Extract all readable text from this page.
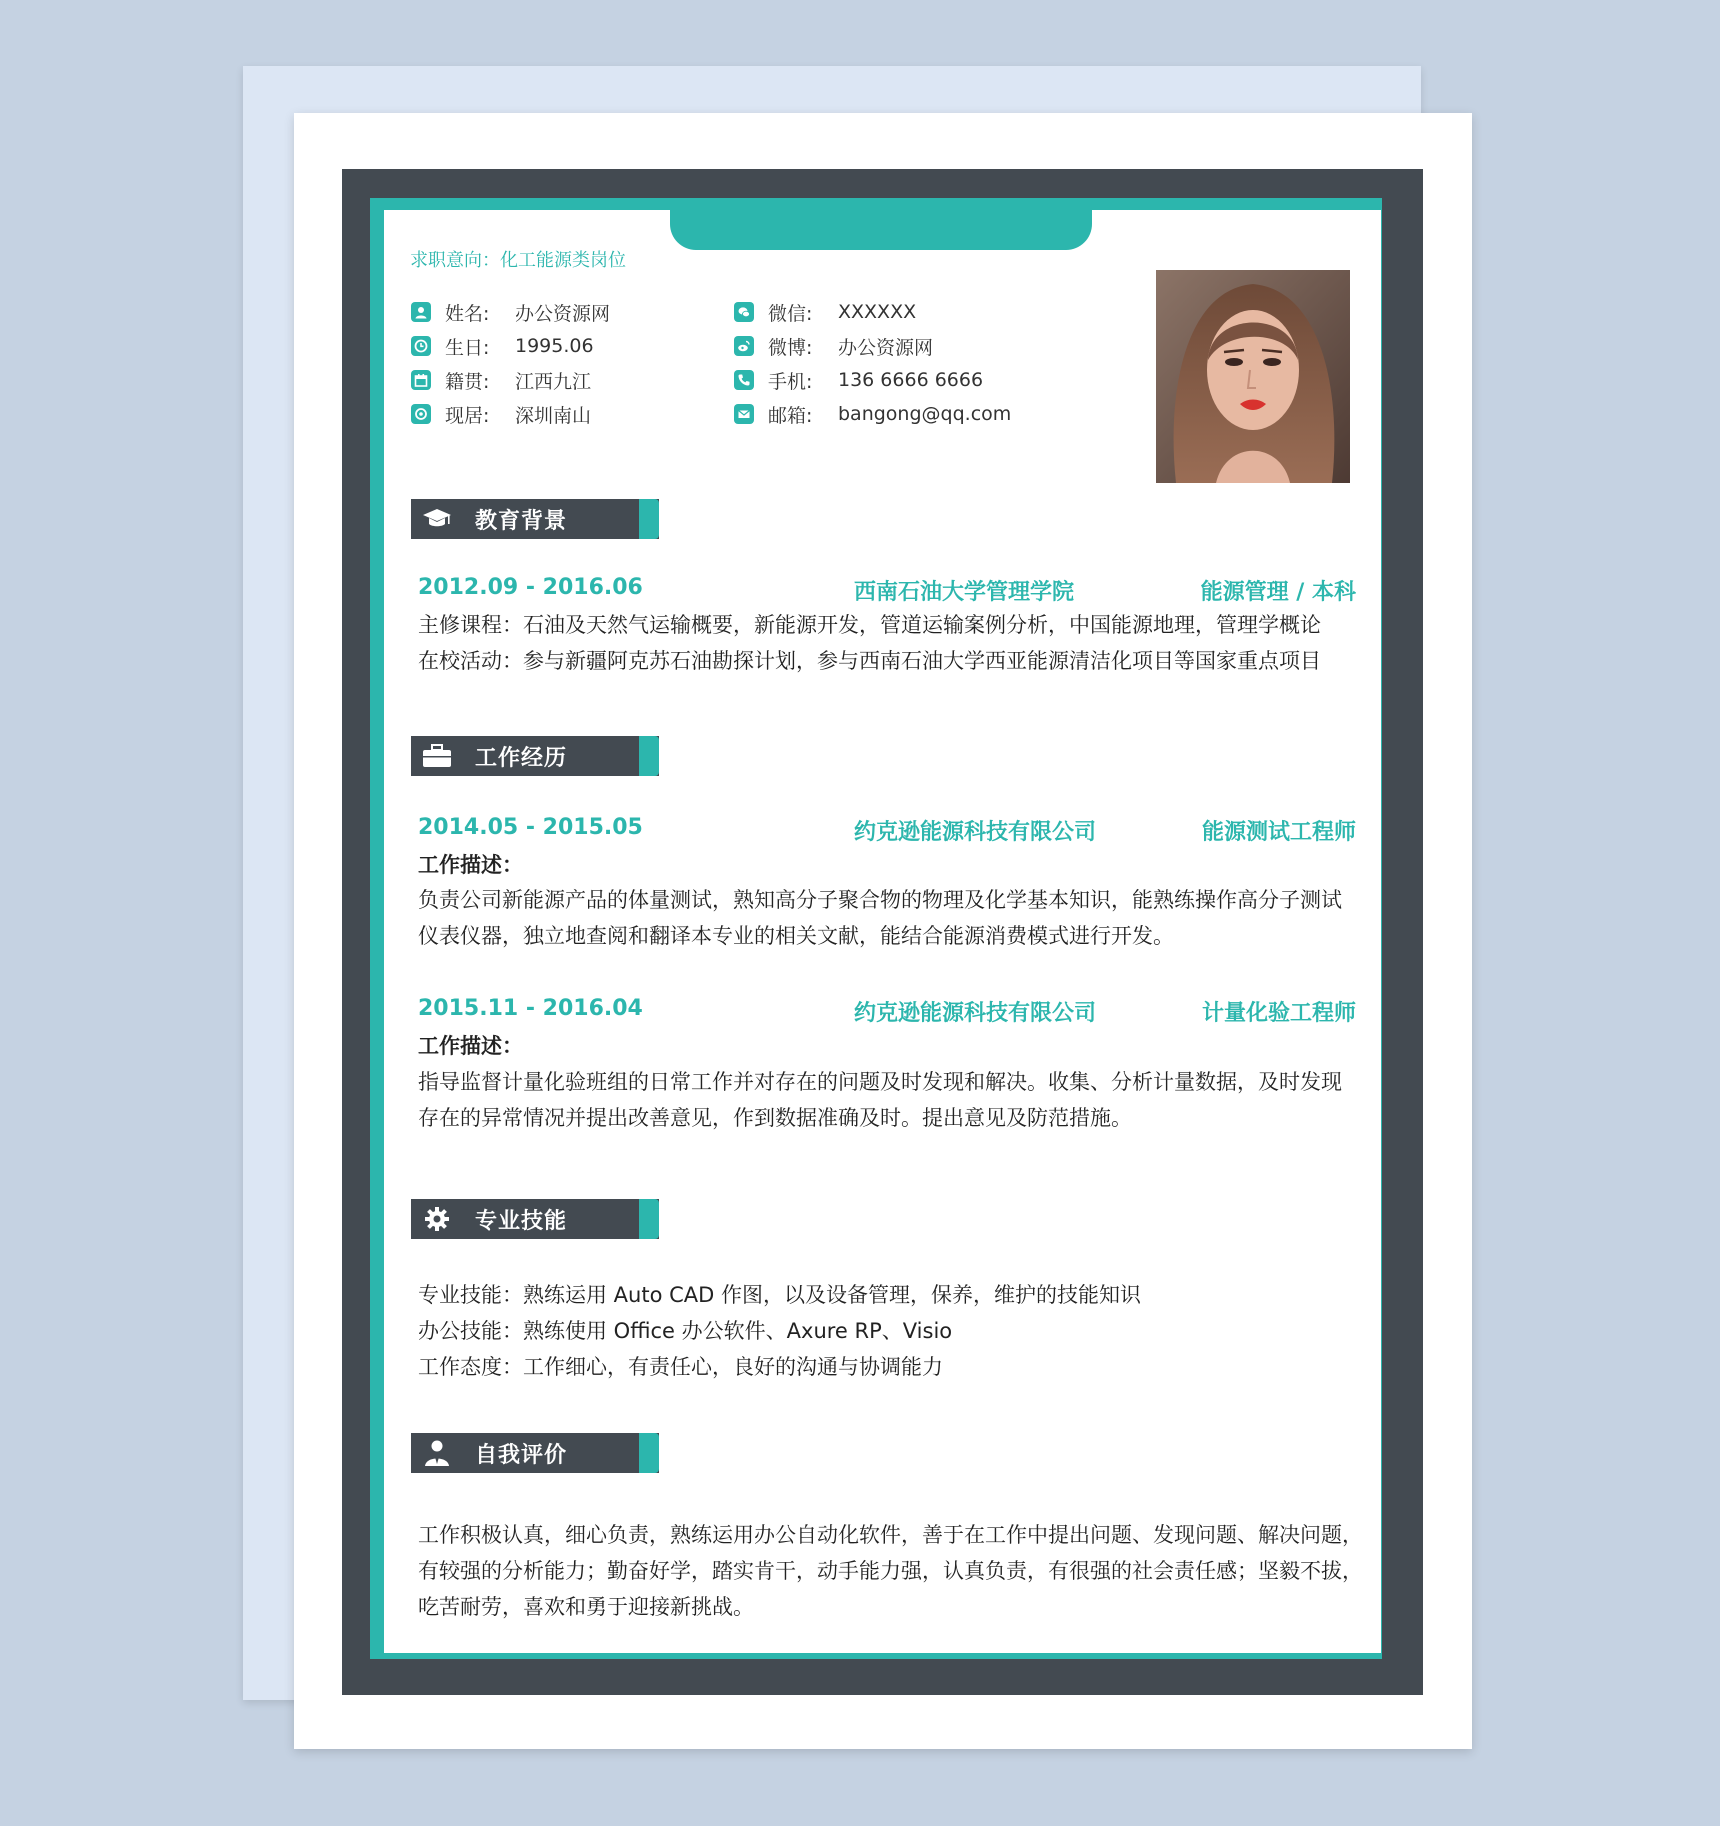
求职意向：化工能源类岗位
姓名:	办公资源网
生日:	1995.06
籍贯:	江西九江
现居:	深圳南山
微信:	XXXXXX
微博:	办公资源网
手机:	136 6666 6666
邮箱:	bangong@qq.com
教育背景
2012.09 - 2016.06	西南石油大学管理学院	能源管理 / 本科
主修课程：石油及天然气运输概要，新能源开发，管道运输案例分析，中国能源地理，管理学概论
在校活动：参与新疆阿克苏石油勘探计划，参与西南石油大学西亚能源清洁化项目等国家重点项目
工作经历
2014.05 - 2015.05	约克逊能源科技有限公司	能源测试工程师
工作描述：
负责公司新能源产品的体量测试，熟知高分子聚合物的物理及化学基本知识，能熟练操作高分子测试
仪表仪器，独立地查阅和翻译本专业的相关文献，能结合能源消费模式进行开发。
2015.11 - 2016.04	约克逊能源科技有限公司	计量化验工程师
工作描述：
指导监督计量化验班组的日常工作并对存在的问题及时发现和解决。收集、分析计量数据，及时发现
存在的异常情况并提出改善意见，作到数据准确及时。提出意见及防范措施。
专业技能
专业技能：熟练运用 Auto CAD 作图，以及设备管理，保养，维护的技能知识
办公技能：熟练使用 Office 办公软件、Axure RP、Visio
工作态度：工作细心，有责任心，良好的沟通与协调能力
自我评价
工作积极认真，细心负责，熟练运用办公自动化软件，善于在工作中提出问题、发现问题、解决问题，
有较强的分析能力；勤奋好学，踏实肯干，动手能力强，认真负责，有很强的社会责任感；坚毅不拔，
吃苦耐劳，喜欢和勇于迎接新挑战。
